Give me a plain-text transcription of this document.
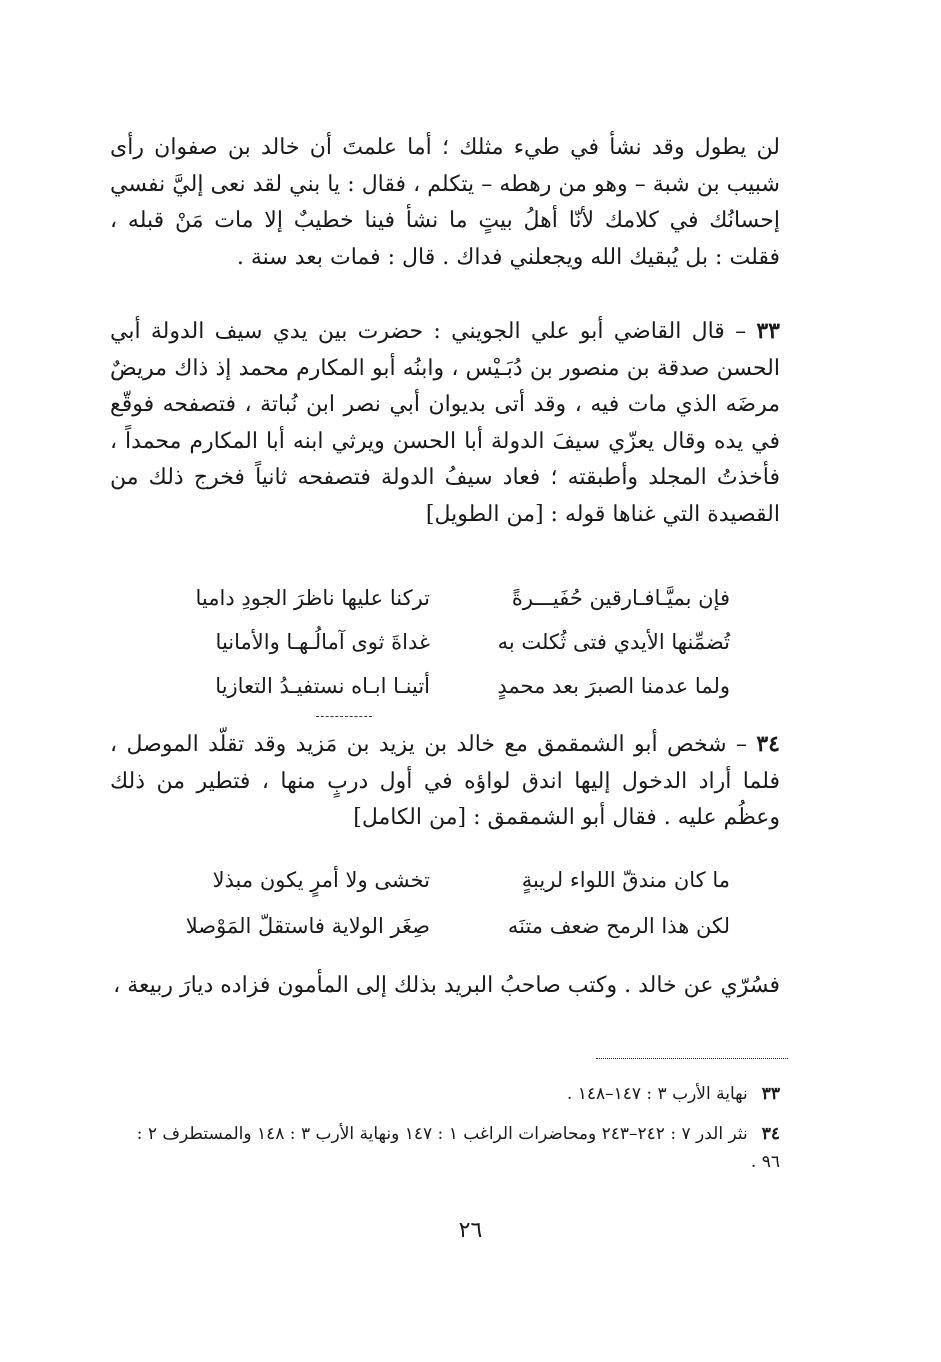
لن يطول وقد نشأ في طيء مثلك ؛ أما علمتَ أن خالد بن صفوان رأى شبيب بن شبة – وهو من رهطه – يتكلم ، فقال : يا بني لقد نعى إليَّ نفسي إحسانُك في كلامك لأنّا أهلُ بيتٍ ما نشأ فينا خطيبٌ إلا مات مَنْ قبله ، فقلت : بل يُبقيك الله ويجعلني فداك . قال : فمات بعد سنة .

٣٣ – قال القاضي أبو علي الجويني : حضرت بين يدي سيف الدولة أبي الحسن صدقة بن منصور بن دُبَـيْس ، وابنُه أبو المكارم محمد إذ ذاك مريضٌ مرضَه الذي مات فيه ، وقد أتى بديوان أبي نصر ابن نُباتة ، فتصفحه فوقّع في يده وقال يعزّي سيفَ الدولة أبا الحسن ويرثي ابنه أبا المكارم محمداً ، فأخذتُ المجلد وأطبقته ؛ فعاد سيفُ الدولة فتصفحه ثانياً فخرج ذلك من القصيدة التي غناها قوله : [من الطويل]

فإن بميَّـافـارقين حُفَيـــرةً
تركنا عليها ناظرَ الجودِ داميا
تُضمِّنها الأيدي فتى ثُكلت به
غداةَ ثوى آمالُـهـا والأمانيا
ولما عدمنا الصبرَ بعد محمدٍ
أتينـا ابـاه نستفيـدُ التعازيا

٣٤ – شخص أبو الشمقمق مع خالد بن يزيد بن مَزيد وقد تقلّد الموصل ، فلما أراد الدخول إليها اندق لواؤه في أول دربٍ منها ، فتطير من ذلك وعظُم عليه . فقال أبو الشمقمق : [من الكامل]

ما كان مندقّ اللواء لريبةٍ
تخشى ولا أمرٍ يكون مبذلا
لكن هذا الرمح ضعف متنَه
صِغَر الولاية فاستقلّ المَوْصلا

فسُرّي عن خالد . وكتب صاحبُ البريد بذلك إلى المأمون فزاده ديارَ ربيعة ،

٣٣نهاية الأرب ٣ : ١٤٧–١٤٨ .
٣٤نثر الدر ٧ : ٢٤٢–٢٤٣ ومحاضرات الراغب ١ : ١٤٧ ونهاية الأرب ٣ : ١٤٨ والمستطرف ٢ : ٩٦ .
٢٦
